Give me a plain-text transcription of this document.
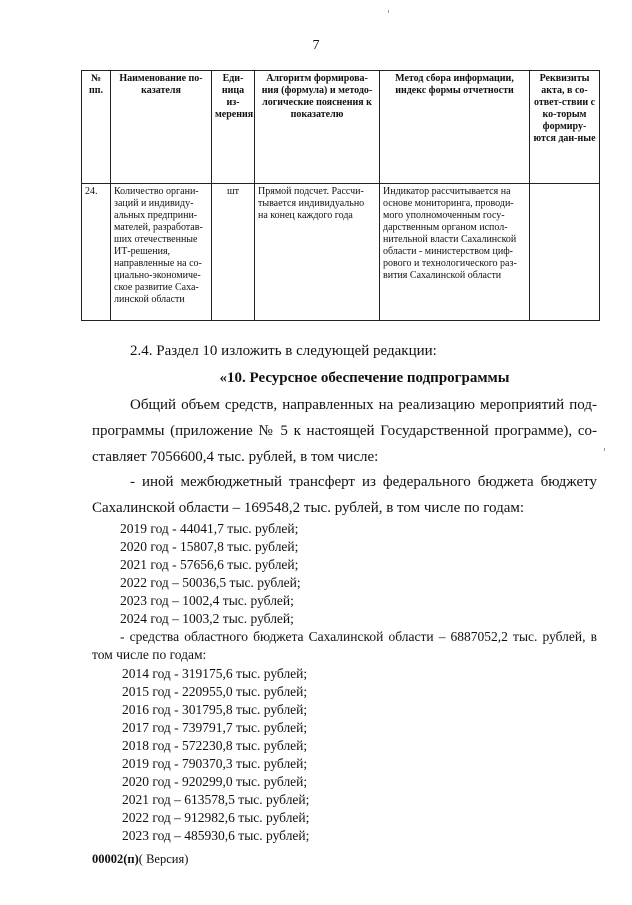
7
№ пп.	Наименование по-казателя	Еди-ница из-мерения	Алгоритм формирова-ния (формула) и методо-логические пояснения к показателю	Метод сбора информации, индекс формы отчетности	Реквизиты акта, в со-ответ-ствии с ко-торым формиру-ются дан-ные
24.	Количество органи-заций и индивиду-альных предприни-мателей, разработав-ших отечественные ИТ-решения, направленные на со-циально-экономиче-ское развитие Саха-линской области	шт	Прямой подсчет. Рассчи-тывается индивидуально на конец каждого года	Индикатор рассчитывается на основе мониторинга, проводи-мого уполномоченным госу-дарственным органом испол-нительной власти Сахалинской области - министерством циф-рового и технологического раз-вития Сахалинской области	
2.4. Раздел 10 изложить в следующей редакции:
«10. Ресурсное обеспечение подпрограммы
Общий объем средств, направленных на реализацию мероприятий под-программы (приложение № 5 к настоящей Государственной программе), со-ставляет 7056600,4 тыс. рублей, в том числе:
- иной межбюджетный трансферт из федерального бюджета бюджету Сахалинской области – 169548,2 тыс. рублей, в том числе по годам:
2019 год - 44041,7 тыс. рублей;
2020 год - 15807,8 тыс. рублей;
2021 год - 57656,6 тыс. рублей;
2022 год – 50036,5 тыс. рублей;
2023 год – 1002,4 тыс. рублей;
2024 год – 1003,2 тыс. рублей;
- средства областного бюджета Сахалинской области – 6887052,2 тыс. рублей, в том числе по годам:
2014 год - 319175,6 тыс. рублей;
2015 год - 220955,0 тыс. рублей;
2016 год - 301795,8 тыс. рублей;
2017 год - 739791,7 тыс. рублей;
2018 год - 572230,8 тыс. рублей;
2019 год - 790370,3 тыс. рублей;
2020 год - 920299,0 тыс. рублей;
2021 год – 613578,5 тыс. рублей;
2022 год – 912982,6 тыс. рублей;
2023 год – 485930,6 тыс. рублей;
00002(п)( Версия)
